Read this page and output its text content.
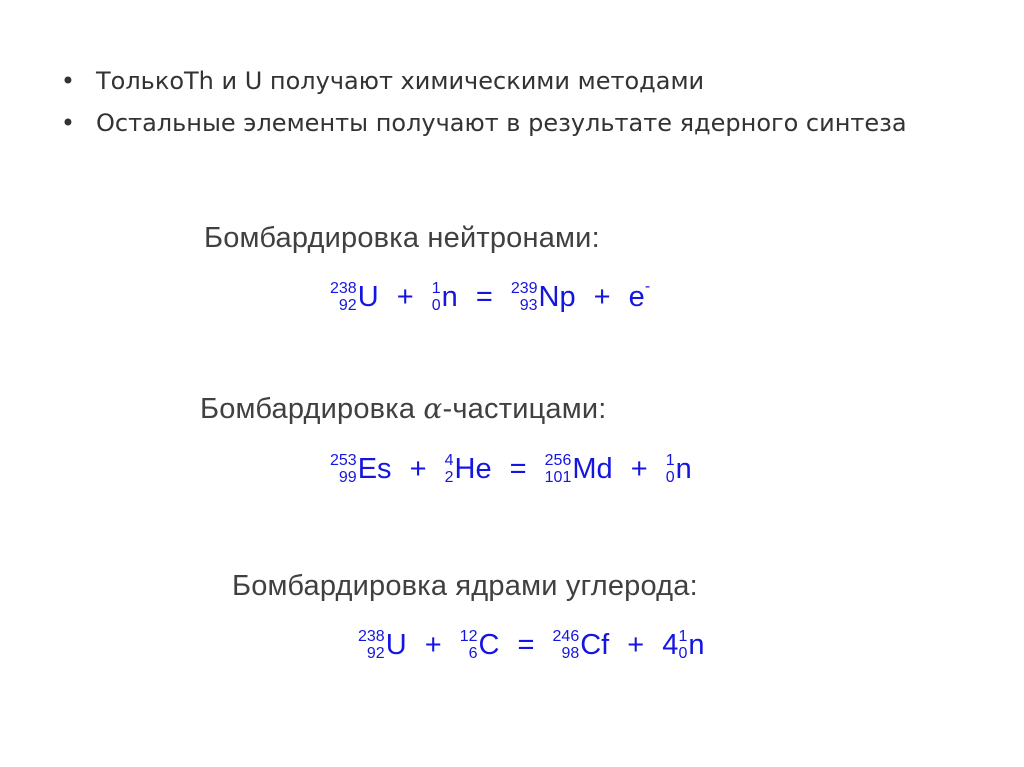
• ТолькоTh и U получают химическими методами
• Остальные элементы получают в результате ядерного синтеза
Бомбардировка нейтронами:
238
92 U + 1
0 n = 239
93 Np + e-
Бомбардировка α-частицами:
253
99 Es + 4
2 He = 256
101 Md + 1
0 n
Бомбардировка ядрами углерода:
238
92 U + 12
6 C = 246
98 Cf + 4 1
0 n
